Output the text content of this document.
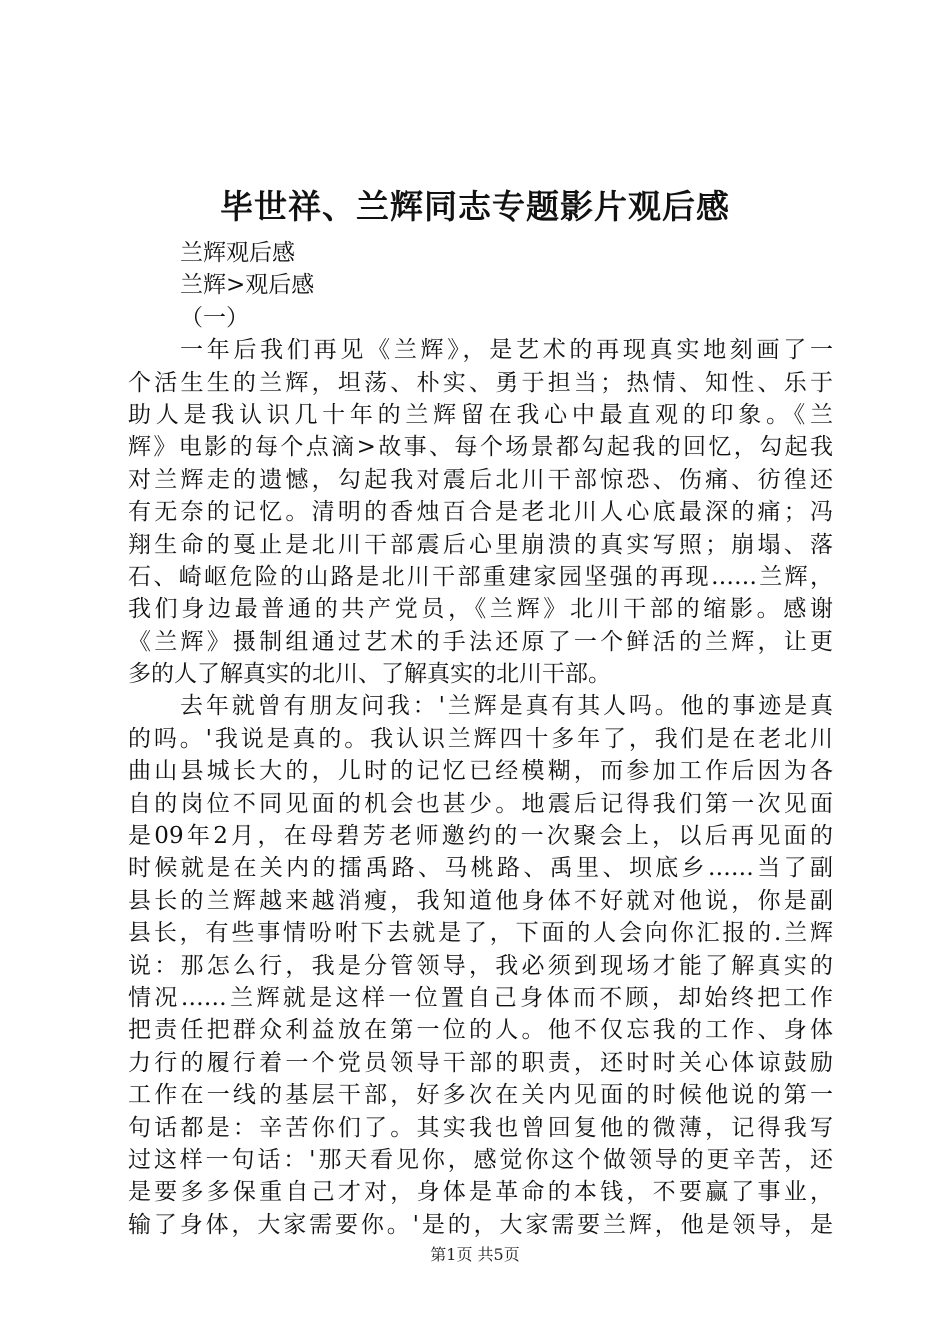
毕世祥、兰辉同志专题影片观后感
兰辉观后感
兰辉>观后感
（一）
一年后我们再见《兰辉》，是艺术的再现真实地刻画了一
个活生生的兰辉，坦荡、朴实、勇于担当；热情、知性、乐于
助人是我认识几十年的兰辉留在我心中最直观的印象。《兰
辉》电影的每个点滴>故事、每个场景都勾起我的回忆，勾起我
对兰辉走的遗憾，勾起我对震后北川干部惊恐、伤痛、彷徨还
有无奈的记忆。清明的香烛百合是老北川人心底最深的痛；冯
翔生命的戛止是北川干部震后心里崩溃的真实写照；崩塌、落
石、崎岖危险的山路是北川干部重建家园坚强的再现……兰辉，
我们身边最普通的共产党员，《兰辉》北川干部的缩影。感谢
《兰辉》摄制组通过艺术的手法还原了一个鲜活的兰辉，让更
多的人了解真实的北川、了解真实的北川干部。
去年就曾有朋友问我：'兰辉是真有其人吗。他的事迹是真
的吗。'我说是真的。我认识兰辉四十多年了，我们是在老北川
曲山县城长大的，儿时的记忆已经模糊，而参加工作后因为各
自的岗位不同见面的机会也甚少。地震后记得我们第一次见面
是09年2月，在母碧芳老师邀约的一次聚会上，以后再见面的
时候就是在关内的擂禹路、马桃路、禹里、坝底乡……当了副
县长的兰辉越来越消瘦，我知道他身体不好就对他说，你是副
县长，有些事情吩咐下去就是了，下面的人会向你汇报的.兰辉
说：那怎么行，我是分管领导，我必须到现场才能了解真实的
情况……兰辉就是这样一位置自己身体而不顾，却始终把工作
把责任把群众利益放在第一位的人。他不仅忘我的工作、身体
力行的履行着一个党员领导干部的职责，还时时关心体谅鼓励
工作在一线的基层干部，好多次在关内见面的时候他说的第一
句话都是：辛苦你们了。其实我也曾回复他的微薄，记得我写
过这样一句话：'那天看见你，感觉你这个做领导的更辛苦，还
是要多多保重自己才对，身体是革命的本钱，不要赢了事业，
输了身体，大家需要你。'是的，大家需要兰辉，他是领导，是
第1页 共5页
